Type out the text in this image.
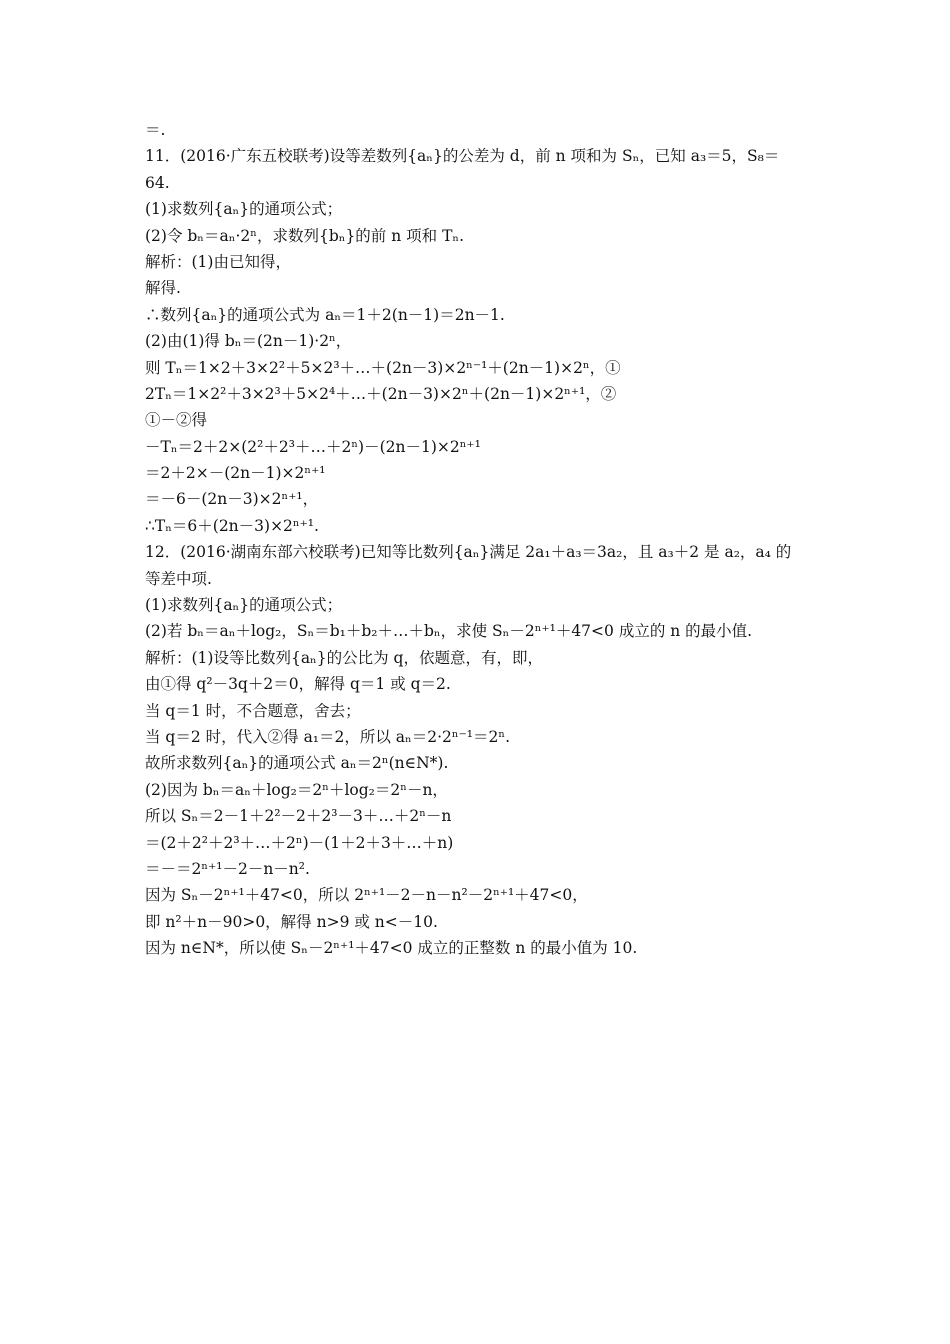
＝.
11．(2016·广东五校联考)设等差数列{aₙ}的公差为 d，前 n 项和为 Sₙ，已知 a₃＝5，S₈＝
64.
(1)求数列{aₙ}的通项公式；
(2)令 bₙ＝aₙ·2ⁿ，求数列{bₙ}的前 n 项和 Tₙ.
解析：(1)由已知得，
解得.
∴数列{aₙ}的通项公式为 aₙ＝1＋2(n－1)＝2n－1.
(2)由(1)得 bₙ＝(2n－1)·2ⁿ，
则 Tₙ＝1×2＋3×2²＋5×2³＋…＋(2n－3)×2ⁿ⁻¹＋(2n－1)×2ⁿ，①
2Tₙ＝1×2²＋3×2³＋5×2⁴＋…＋(2n－3)×2ⁿ＋(2n－1)×2ⁿ⁺¹，②
①－②得
－Tₙ＝2＋2×(2²＋2³＋…＋2ⁿ)－(2n－1)×2ⁿ⁺¹
＝2＋2×－(2n－1)×2ⁿ⁺¹
＝－6－(2n－3)×2ⁿ⁺¹，
∴Tₙ＝6＋(2n－3)×2ⁿ⁺¹.
12．(2016·湖南东部六校联考)已知等比数列{aₙ}满足 2a₁＋a₃＝3a₂，且 a₃＋2 是 a₂，a₄ 的
等差中项.
(1)求数列{aₙ}的通项公式；
(2)若 bₙ＝aₙ＋log₂，Sₙ＝b₁＋b₂＋…＋bₙ，求使 Sₙ－2ⁿ⁺¹＋47<0 成立的 n 的最小值.
解析：(1)设等比数列{aₙ}的公比为 q，依题意，有，即，
由①得 q²－3q＋2＝0，解得 q＝1 或 q＝2.
当 q＝1 时，不合题意，舍去；
当 q＝2 时，代入②得 a₁＝2，所以 aₙ＝2·2ⁿ⁻¹＝2ⁿ.
故所求数列{aₙ}的通项公式 aₙ＝2ⁿ(n∈N*).
(2)因为 bₙ＝aₙ＋log₂＝2ⁿ＋log₂＝2ⁿ－n，
所以 Sₙ＝2－1＋2²－2＋2³－3＋…＋2ⁿ－n
＝(2＋2²＋2³＋…＋2ⁿ)－(1＋2＋3＋…＋n)
＝－＝2ⁿ⁺¹－2－n－n².
因为 Sₙ－2ⁿ⁺¹＋47<0，所以 2ⁿ⁺¹－2－n－n²－2ⁿ⁺¹＋47<0，
即 n²＋n－90>0，解得 n>9 或 n<－10.
因为 n∈N*，所以使 Sₙ－2ⁿ⁺¹＋47<0 成立的正整数 n 的最小值为 10.
